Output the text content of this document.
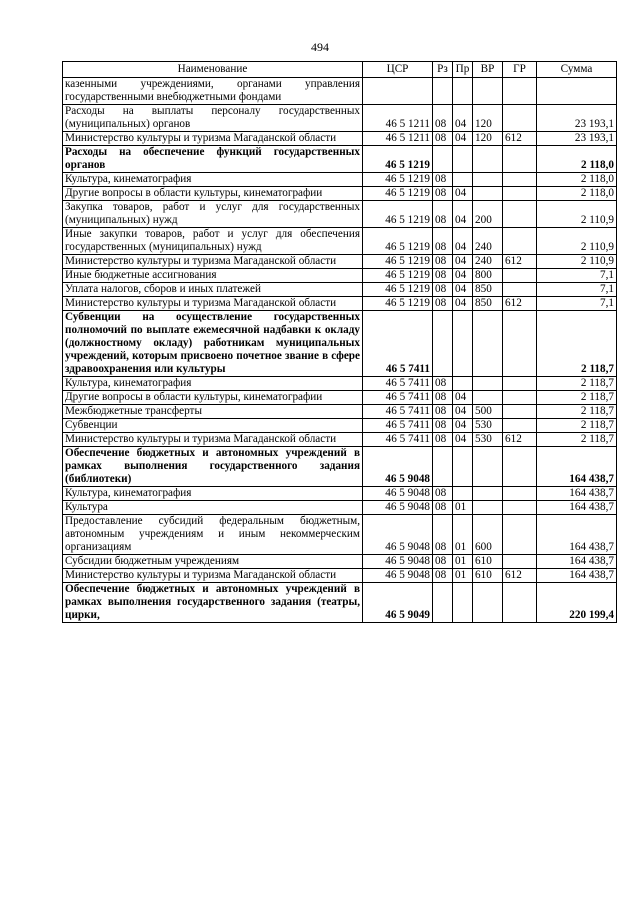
494
Наименование	ЦСР	Рз	Пр	ВР	ГР	Сумма
казенными учреждениями, органами управления государственными внебюджетными фондами						
Расходы на выплаты персоналу государственных (муниципальных) органов	46 5 1211	08	04	120		23 193,1
Министерство культуры и туризма Магаданской области	46 5 1211	08	04	120	612	23 193,1
Расходы на обеспечение функций государственных органов	46 5 1219					2 118,0
Культура, кинематография	46 5 1219	08				2 118,0
Другие вопросы в области культуры, кинематографии	46 5 1219	08	04			2 118,0
Закупка товаров, работ и услуг для государственных (муниципальных) нужд	46 5 1219	08	04	200		2 110,9
Иные закупки товаров, работ и услуг для обеспечения государственных (муниципальных) нужд	46 5 1219	08	04	240		2 110,9
Министерство культуры и туризма Магаданской области	46 5 1219	08	04	240	612	2 110,9
Иные бюджетные ассигнования	46 5 1219	08	04	800		7,1
Уплата налогов, сборов и иных платежей	46 5 1219	08	04	850		7,1
Министерство культуры и туризма Магаданской области	46 5 1219	08	04	850	612	7,1
Субвенции на осуществление государственных полномочий по выплате ежемесячной надбавки к окладу (должностному окладу) работникам муниципальных учреждений, которым присвоено почетное звание в сфере здравоохранения или культуры	46 5 7411					2 118,7
Культура, кинематография	46 5 7411	08				2 118,7
Другие вопросы в области культуры, кинематографии	46 5 7411	08	04			2 118,7
Межбюджетные трансферты	46 5 7411	08	04	500		2 118,7
Субвенции	46 5 7411	08	04	530		2 118,7
Министерство культуры и туризма Магаданской области	46 5 7411	08	04	530	612	2 118,7
Обеспечение бюджетных и автономных учреждений в рамках выполнения государственного задания (библиотеки)	46 5 9048					164 438,7
Культура, кинематография	46 5 9048	08				164 438,7
Культура	46 5 9048	08	01			164 438,7
Предоставление субсидий федеральным бюджетным, автономным учреждениям и иным некоммерческим организациям	46 5 9048	08	01	600		164 438,7
Субсидии бюджетным учреждениям	46 5 9048	08	01	610		164 438,7
Министерство культуры и туризма Магаданской области	46 5 9048	08	01	610	612	164 438,7
Обеспечение бюджетных и автономных учреждений в рамках выполнения государственного задания (театры, цирки,	46 5 9049					220 199,4
